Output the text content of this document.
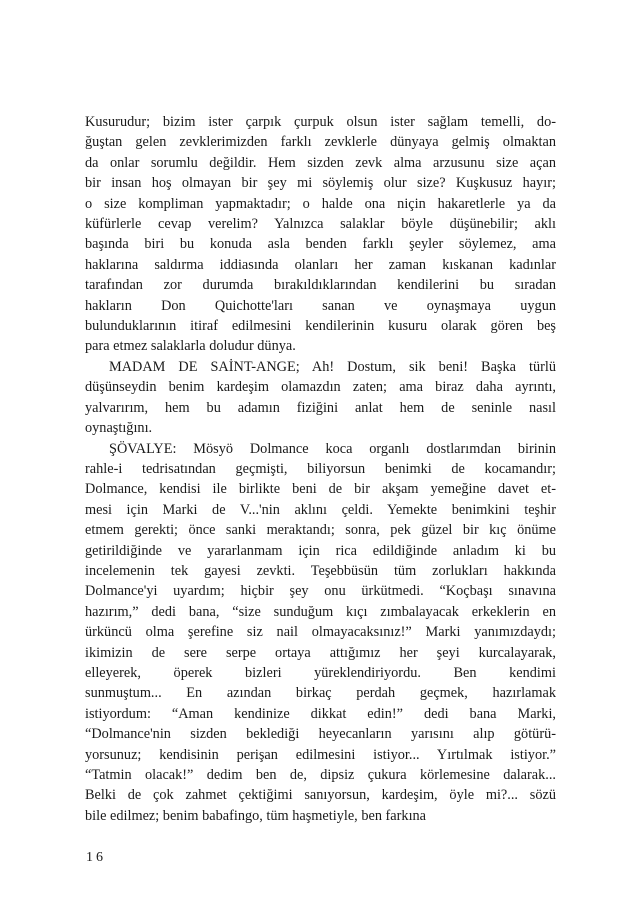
Kusurudur; bizim ister çarpık çurpuk olsun ister sağlam temelli, do-
ğuştan gelen zevklerimizden farklı zevklerle dünyaya gelmiş olmaktan
da onlar sorumlu değildir. Hem sizden zevk alma arzusunu size açan
bir insan hoş olmayan bir şey mi söylemiş olur size? Kuşkusuz hayır;
o size kompliman yapmaktadır; o halde ona niçin hakaretlerle ya da
küfürlerle cevap verelim? Yalnızca salaklar böyle düşünebilir; aklı
başında biri bu konuda asla benden farklı şeyler söylemez, ama
haklarına saldırma iddiasında olanları her zaman kıskanan kadınlar
tarafından zor durumda bırakıldıklarından kendilerini bu sıradan
hakların Don Quichotte'ları sanan ve oynaşmaya uygun
bulunduklarının itiraf edilmesini kendilerinin kusuru olarak gören beş
para etmez salaklarla doludur dünya.
MADAM DE SAİNT-ANGE; Ah! Dostum, sik beni! Başka türlü
düşünseydin benim kardeşim olamazdın zaten; ama biraz daha ayrıntı,
yalvarırım, hem bu adamın fiziğini anlat hem de seninle nasıl
oynaştığını.
ŞÖVALYE: Mösyö Dolmance koca organlı dostlarımdan birinin
rahle-i tedrisatından geçmişti, biliyorsun benimki de kocamandır;
Dolmance, kendisi ile birlikte beni de bir akşam yemeğine davet et-
mesi için Marki de V...'nin aklını çeldi. Yemekte benimkini teşhir
etmem gerekti; önce sanki meraktandı; sonra, pek güzel bir kıç önüme
getirildiğinde ve yararlanmam için rica edildiğinde anladım ki bu
incelemenin tek gayesi zevkti. Teşebbüsün tüm zorlukları hakkında
Dolmance'yi uyardım; hiçbir şey onu ürkütmedi. “Koçbaşı sınavına
hazırım,” dedi bana, “size sunduğum kıçı zımbalayacak erkeklerin en
ürküncü olma şerefine siz nail olmayacaksınız!” Marki yanımızdaydı;
ikimizin de sere serpe ortaya attığımız her şeyi kurcalayarak,
elleyerek, öperek bizleri yüreklendiriyordu. Ben kendimi
sunmuştum... En azından birkaç perdah geçmek, hazırlamak
istiyordum: “Aman kendinize dikkat edin!” dedi bana Marki,
“Dolmance'nin sizden beklediği heyecanların yarısını alıp götürü-
yorsunuz; kendisinin perişan edilmesini istiyor... Yırtılmak istiyor.”
“Tatmin olacak!” dedim ben de, dipsiz çukura körlemesine dalarak...
Belki de çok zahmet çektiğimi sanıyorsun, kardeşim, öyle mi?... sözü
bile edilmez; benim babafingo, tüm haşmetiyle, ben farkına
16
